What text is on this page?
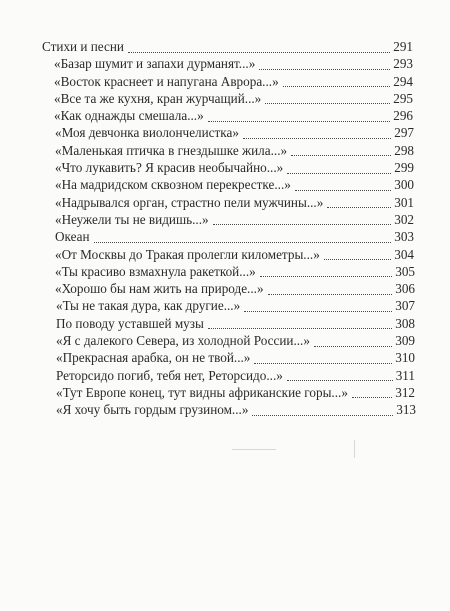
Стихи и песни	291
«Базар шумит и запахи дурманят...»	293
«Восток краснеет и напугана Аврора...»	294
«Все та же кухня, кран журчащий...»	295
«Как однажды смешала...»	296
«Моя девчонка виолончелистка»	297
«Маленькая птичка в гнездышке жила...»	298
«Что лукавить? Я красив необычайно...»	299
«На мадридском сквозном перекрестке...»	300
«Надрывался орган, страстно пели мужчины...»	301
«Неужели ты не видишь...»	302
Океан	303
«От Москвы до Тракая пролегли километры...»	304
«Ты красиво взмахнула ракеткой...»	305
«Хорошо бы нам жить на природе...»	306
«Ты не такая дура, как другие...»	307
По поводу уставшей музы	308
«Я с далекого Севера, из холодной России...»	309
«Прекрасная арабка, он не твой...»	310
Реторсидо погиб, тебя нет, Реторсидо...»	311
«Тут Европе конец, тут видны африканские горы...»	312
«Я хочу быть гордым грузином...»	313
